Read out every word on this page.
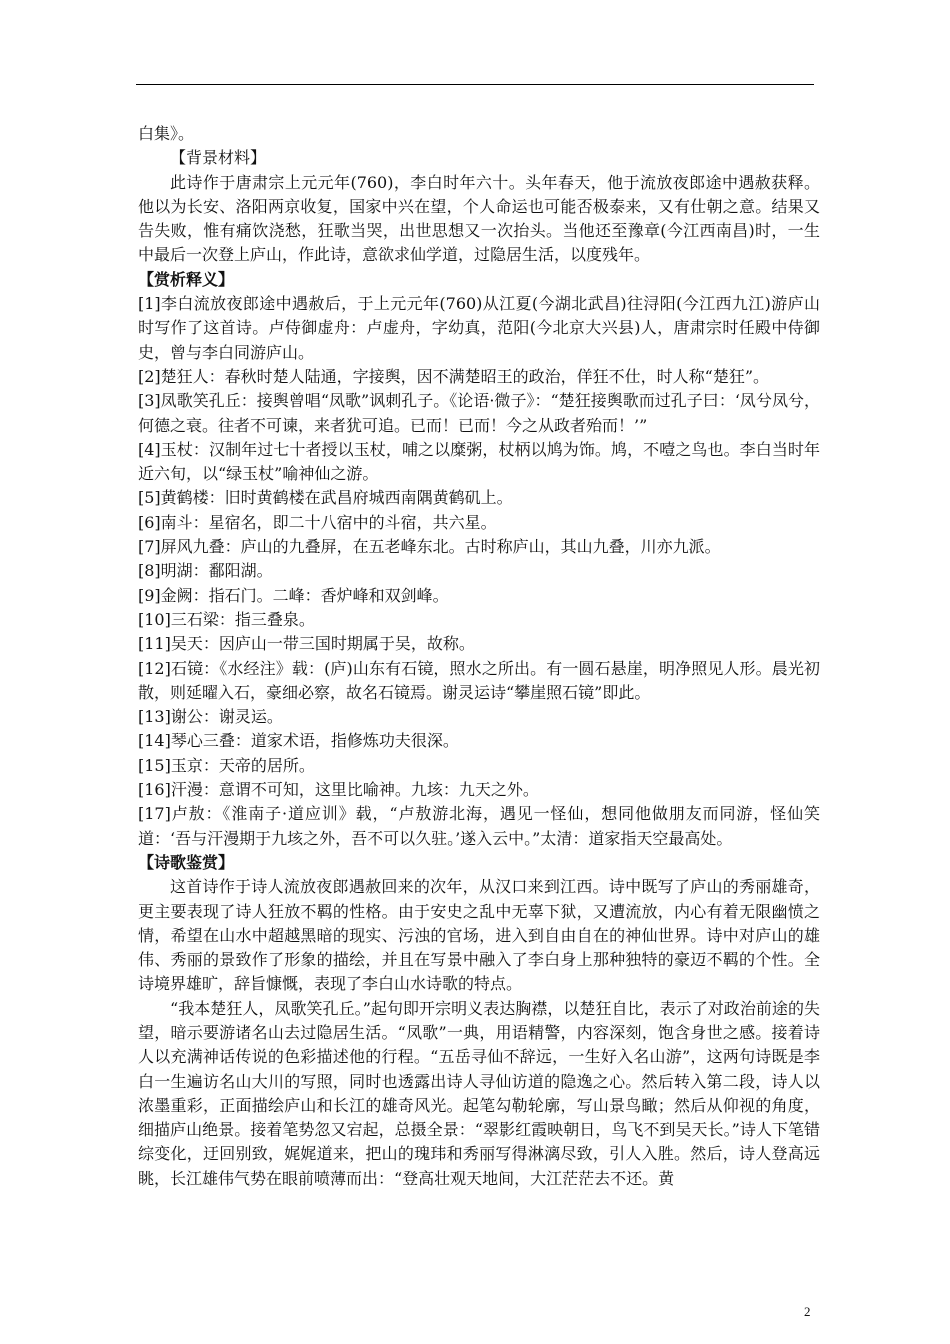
白集》。

【背景材料】

此诗作于唐肃宗上元元年(760)，李白时年六十。头年春天，他于流放夜郎途中遇赦获释。他以为长安、洛阳两京收复，国家中兴在望，个人命运也可能否极泰来，又有仕朝之意。结果又告失败，惟有痛饮浇愁，狂歌当哭，出世思想又一次抬头。当他还至豫章(今江西南昌)时，一生中最后一次登上庐山，作此诗，意欲求仙学道，过隐居生活，以度残年。

【赏析释义】

[1]李白流放夜郎途中遇赦后，于上元元年(760)从江夏(今湖北武昌)往浔阳(今江西九江)游庐山时写作了这首诗。卢侍御虚舟：卢虚舟，字幼真，范阳(今北京大兴县)人，唐肃宗时任殿中侍御史，曾与李白同游庐山。

[2]楚狂人：春秋时楚人陆通，字接舆，因不满楚昭王的政治，佯狂不仕，时人称“楚狂”。

[3]凤歌笑孔丘：接舆曾唱“凤歌”讽刺孔子。《论语·微子》：“楚狂接舆歌而过孔子曰：‘凤兮凤兮，何德之衰。往者不可谏，来者犹可追。已而！已而！今之从政者殆而！’”

[4]玉杖：汉制年过七十者授以玉杖，哺之以糜粥，杖柄以鸠为饰。鸠，不噎之鸟也。李白当时年近六旬，以“绿玉杖”喻神仙之游。

[5]黄鹤楼：旧时黄鹤楼在武昌府城西南隅黄鹤矶上。

[6]南斗：星宿名，即二十八宿中的斗宿，共六星。

[7]屏风九叠：庐山的九叠屏，在五老峰东北。古时称庐山，其山九叠，川亦九派。

[8]明湖：鄱阳湖。

[9]金阙：指石门。二峰：香炉峰和双剑峰。

[10]三石梁：指三叠泉。

[11]吴天：因庐山一带三国时期属于吴，故称。

[12]石镜：《水经注》载：(庐)山东有石镜，照水之所出。有一圆石悬崖，明净照见人形。晨光初散，则延曜入石，豪细必察，故名石镜焉。谢灵运诗“攀崖照石镜”即此。

[13]谢公：谢灵运。

[14]琴心三叠：道家术语，指修炼功夫很深。

[15]玉京：天帝的居所。

[16]汗漫：意谓不可知，这里比喻神。九垓：九天之外。

[17]卢敖：《淮南子·道应训》载，“卢敖游北海，遇见一怪仙，想同他做朋友而同游，怪仙笑道：‘吾与汗漫期于九垓之外，吾不可以久驻。’遂入云中。”太清：道家指天空最高处。

【诗歌鉴赏】

这首诗作于诗人流放夜郎遇赦回来的次年，从汉口来到江西。诗中既写了庐山的秀丽雄奇，更主要表现了诗人狂放不羁的性格。由于安史之乱中无辜下狱，又遭流放，内心有着无限幽愤之情，希望在山水中超越黑暗的现实、污浊的官场，进入到自由自在的神仙世界。诗中对庐山的雄伟、秀丽的景致作了形象的描绘，并且在写景中融入了李白身上那种独特的豪迈不羁的个性。全诗境界雄旷，辞旨慷慨，表现了李白山水诗歌的特点。

“我本楚狂人，凤歌笑孔丘。”起句即开宗明义表达胸襟，以楚狂自比，表示了对政治前途的失望，暗示要游诸名山去过隐居生活。“凤歌”一典，用语精警，内容深刻，饱含身世之感。接着诗人以充满神话传说的色彩描述他的行程。“五岳寻仙不辞远，一生好入名山游”，这两句诗既是李白一生遍访名山大川的写照，同时也透露出诗人寻仙访道的隐逸之心。然后转入第二段，诗人以浓墨重彩，正面描绘庐山和长江的雄奇风光。起笔勾勒轮廓，写山景鸟瞰；然后从仰视的角度，细描庐山绝景。接着笔势忽又宕起，总摄全景：“翠影红霞映朝日，鸟飞不到吴天长。”诗人下笔错综变化，迂回别致，娓娓道来，把山的瑰玮和秀丽写得淋漓尽致，引人入胜。然后，诗人登高远眺，长江雄伟气势在眼前喷薄而出：“登高壮观天地间，大江茫茫去不还。黄

2
